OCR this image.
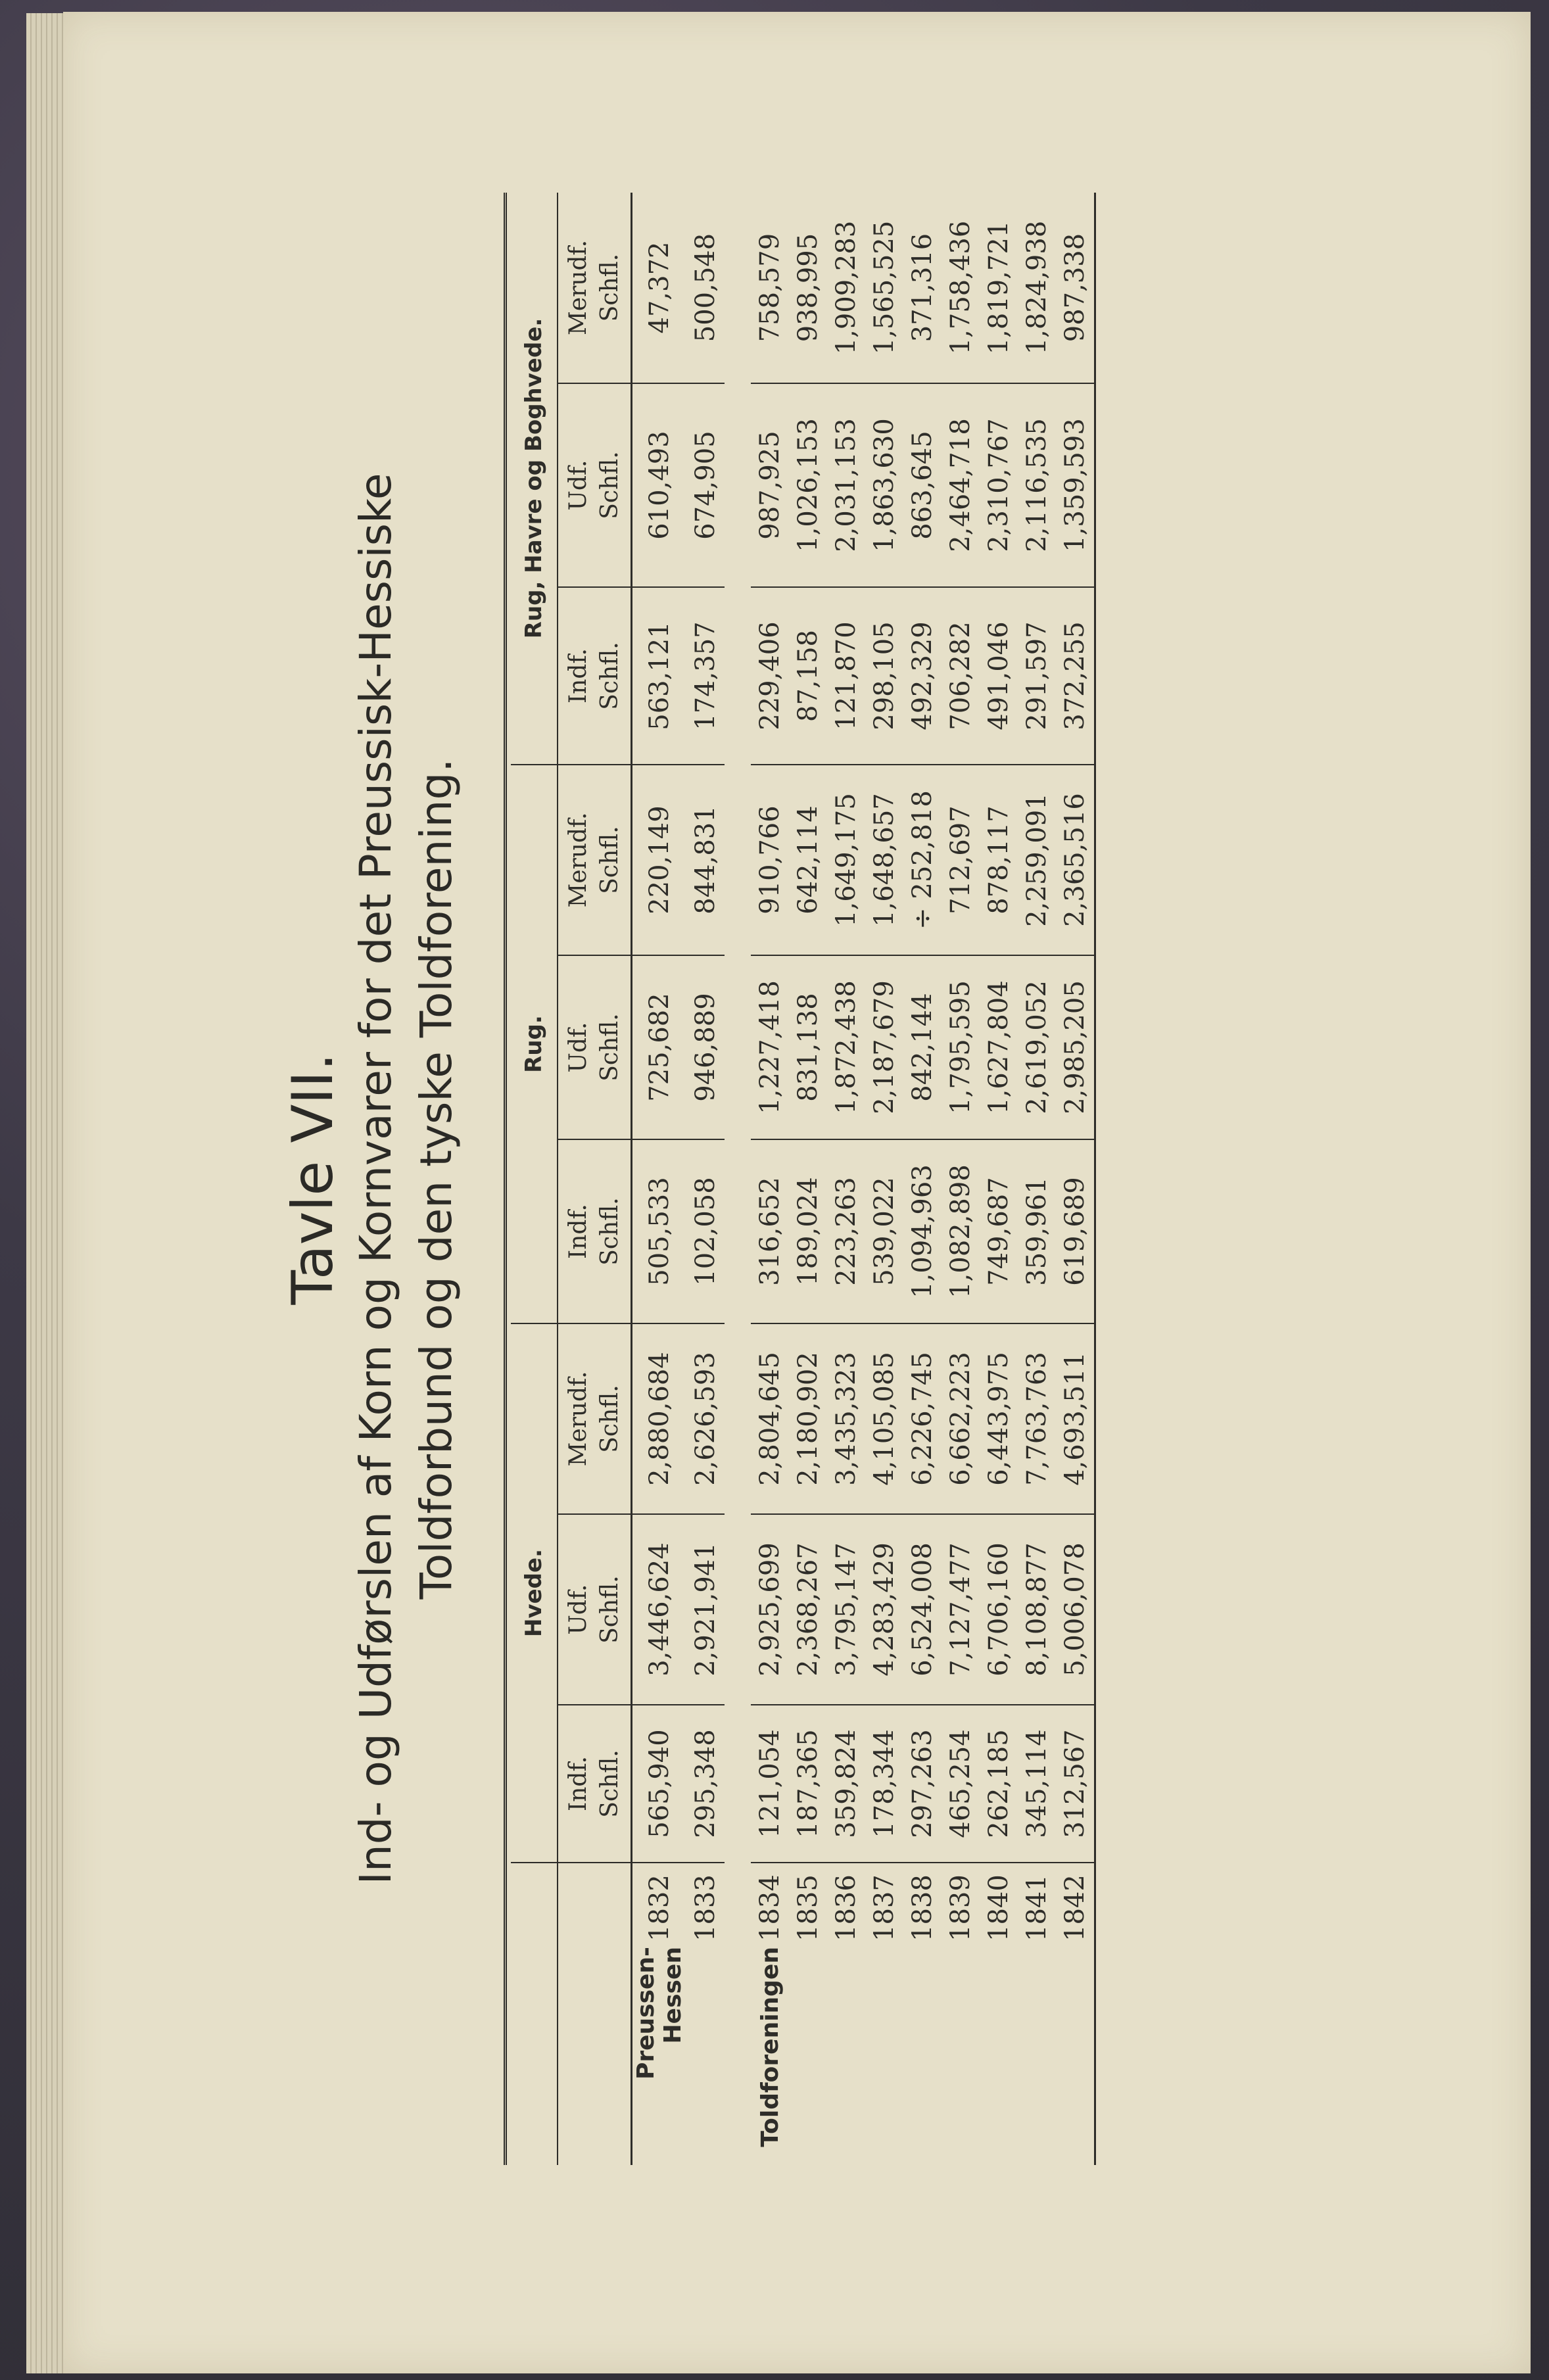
Tavle VII. Ind- og Udførslen af Korn og Kornvarer for det Preussisk-Hessiske Toldforbund og den tyske Toldforening.

		Hvede.			Rug.			Rug, Havre og Boghvede.		
		Indf. Schfl.	Udf. Schfl.	Merudf. Schfl.	Indf. Schfl.	Udf. Schfl.	Merudf. Schfl.	Indf. Schfl.	Udf. Schfl.	Merudf. Schfl.
Preussen-Hessen	1832	565,940	3,446,624	2,880,684	505,533	725,682	220,149	563,121	610,493	47,372
	1833	295,348	2,921,941	2,626,593	102,058	946,889	844,831	174,357	674,905	500,548

Toldforeningen	1834	121,054	2,925,699	2,804,645	316,652	1,227,418	910,766	229,406	987,925	758,579
	1835	187,365	2,368,267	2,180,902	189,024	831,138	642,114	87,158	1,026,153	938,995
	1836	359,824	3,795,147	3,435,323	223,263	1,872,438	1,649,175	121,870	2,031,153	1,909,283
	1837	178,344	4,283,429	4,105,085	539,022	2,187,679	1,648,657	298,105	1,863,630	1,565,525
	1838	297,263	6,524,008	6,226,745	1,094,963	842,144	÷ 252,818	492,329	863,645	371,316
	1839	465,254	7,127,477	6,662,223	1,082,898	1,795,595	712,697	706,282	2,464,718	1,758,436
	1840	262,185	6,706,160	6,443,975	749,687	1,627,804	878,117	491,046	2,310,767	1,819,721
	1841	345,114	8,108,877	7,763,763	359,961	2,619,052	2,259,091	291,597	2,116,535	1,824,938
	1842	312,567	5,006,078	4,693,511	619,689	2,985,205	2,365,516	372,255	1,359,593	987,338
